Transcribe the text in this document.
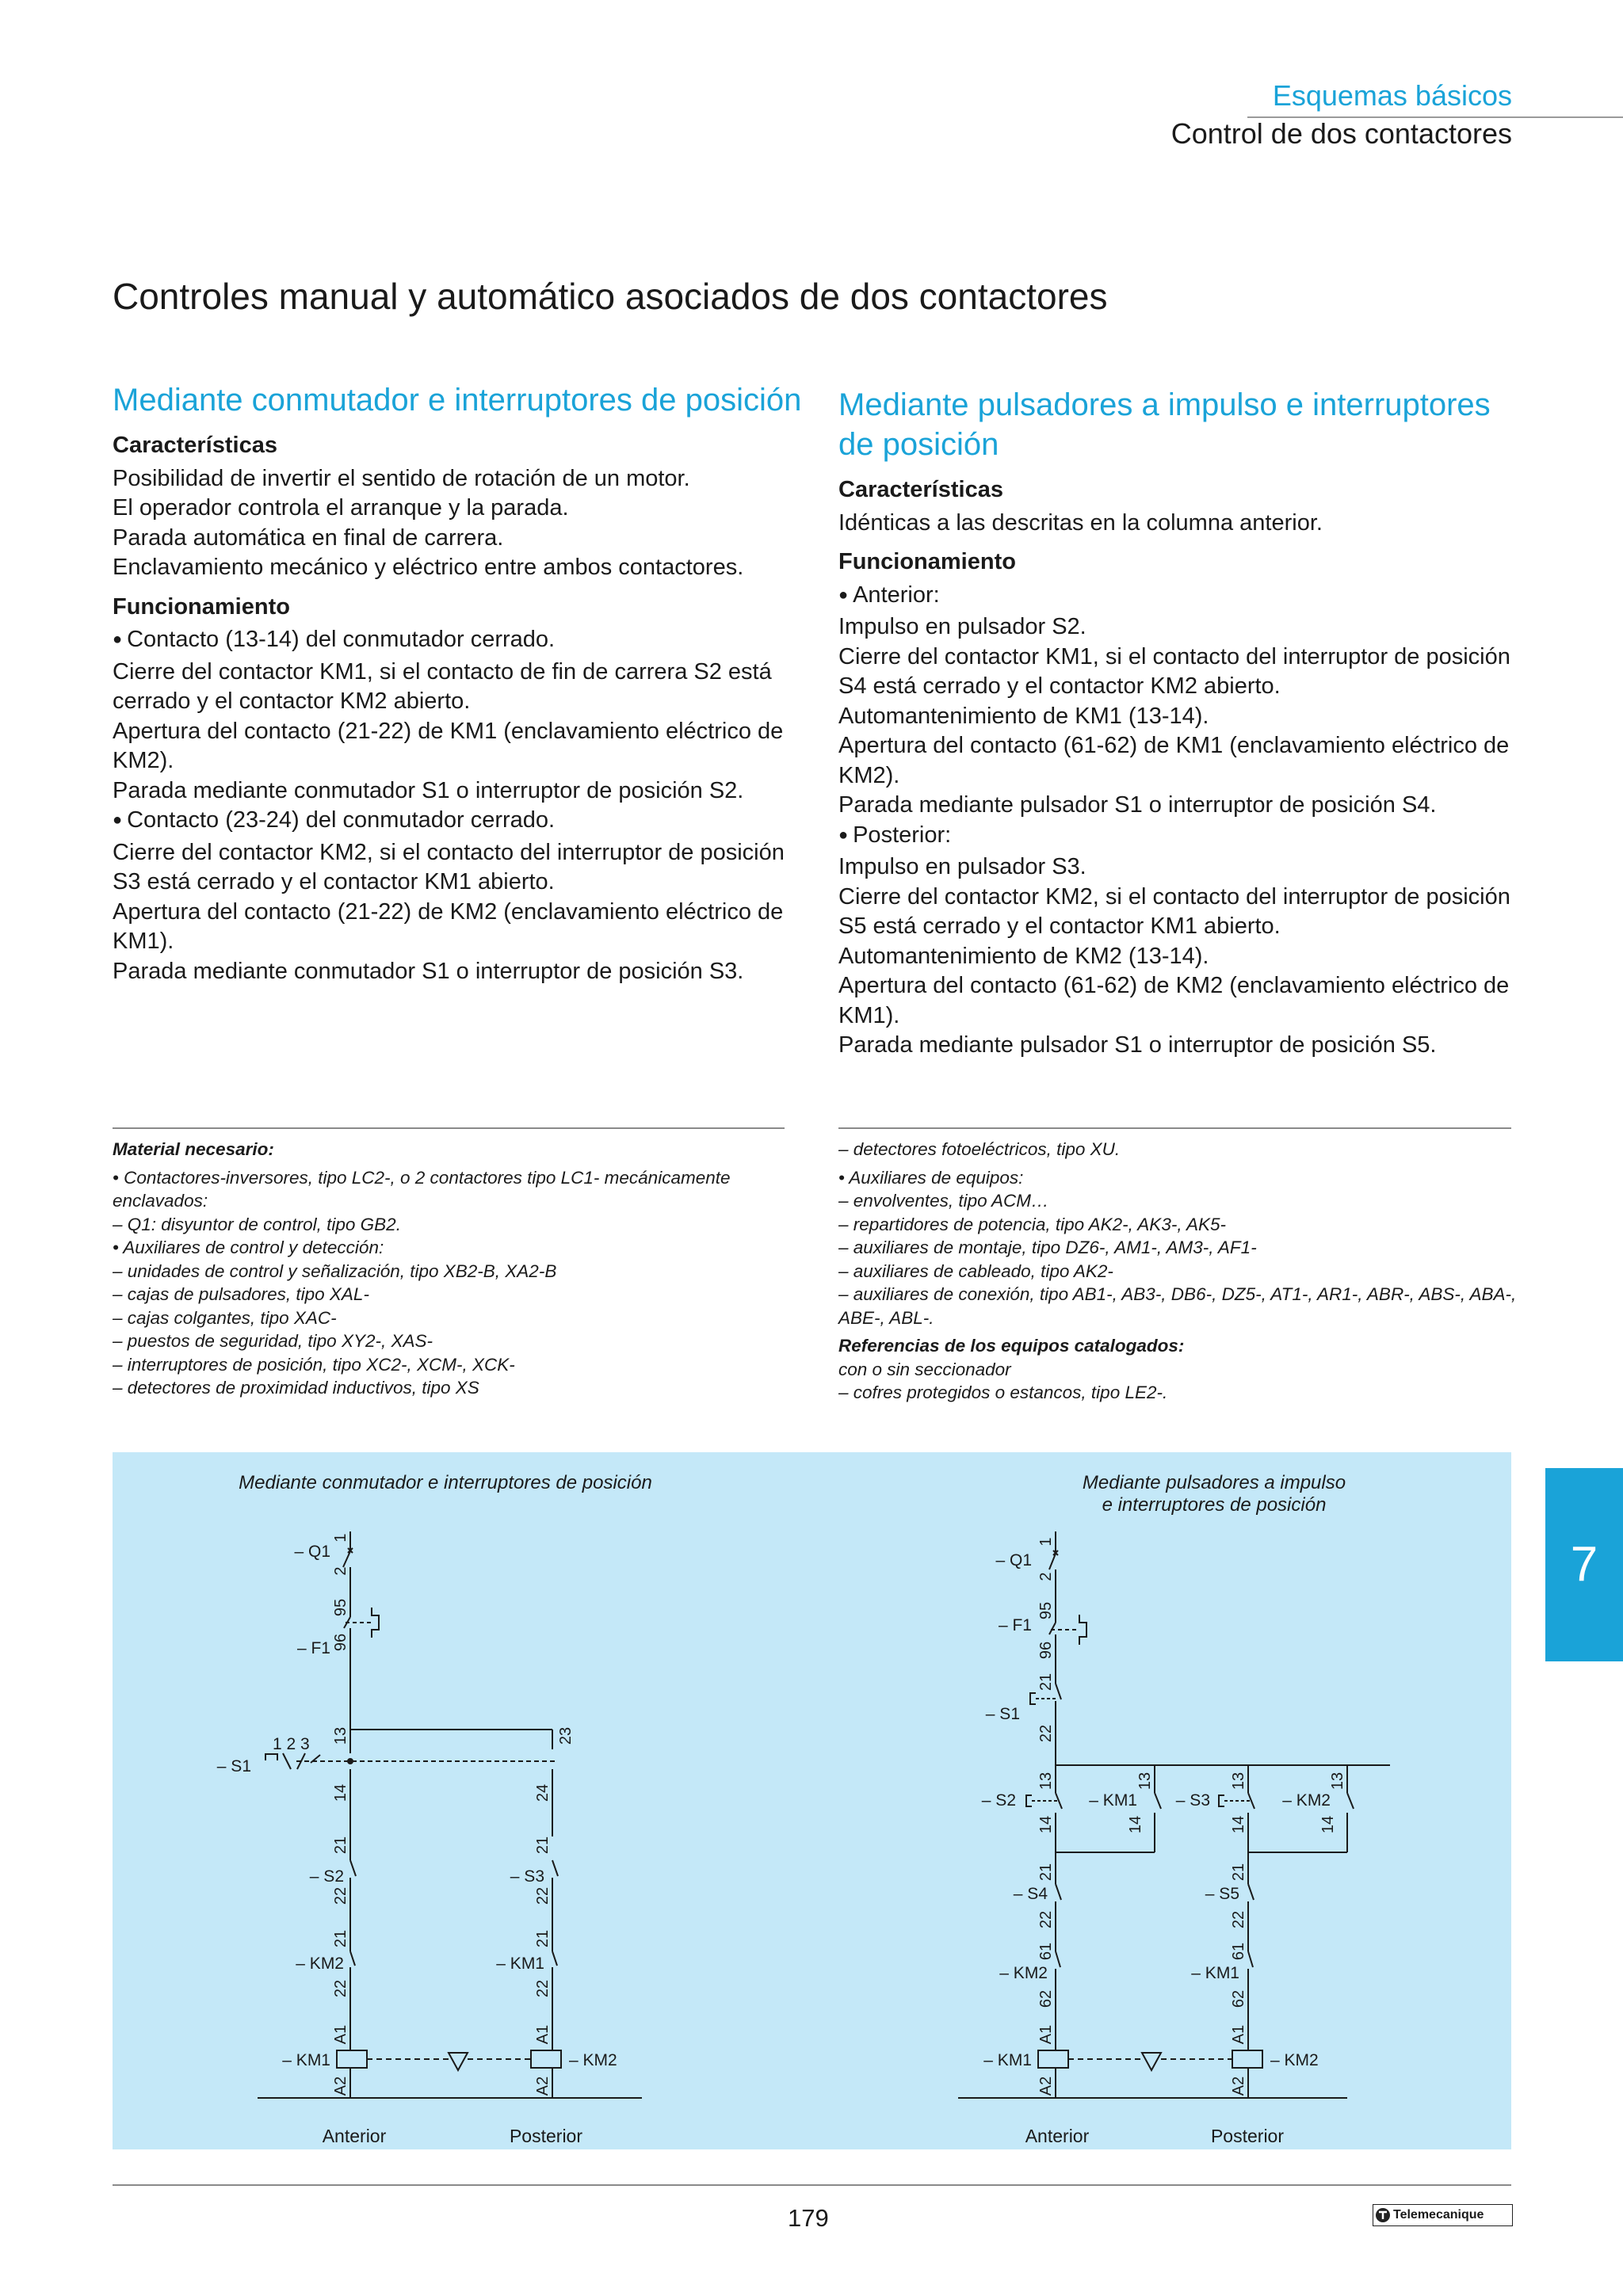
Esquemas básicos
Control de dos contactores
Controles manual y automático asociados de dos contactores
Mediante conmutador e interruptores de posición
Características

Posibilidad de invertir el sentido de rotación de un motor.

El operador controla el arranque y la parada.

Parada automática en final de carrera.

Enclavamiento mecánico y eléctrico entre ambos contactores.

Funcionamiento

● Contacto (13-14) del conmutador cerrado.

Cierre del contactor KM1, si el contacto de fin de carrera S2 está cerrado y el contactor KM2 abierto.

Apertura del contacto (21-22) de KM1 (enclavamiento eléctrico de KM2).

Parada mediante conmutador S1 o interruptor de posición S2.

● Contacto (23-24) del conmutador cerrado.

Cierre del contactor KM2, si el contacto del interruptor de posición S3 está cerrado y el contactor KM1 abierto.

Apertura del contacto (21-22) de KM2 (enclavamiento eléctrico de KM1).

Parada mediante conmutador S1 o interruptor de posición S3.

Mediante pulsadores a impulso e interruptores de posición
Características

Idénticas a las descritas en la columna anterior.

Funcionamiento

● Anterior:

Impulso en pulsador S2.

Cierre del contactor KM1, si el contacto del interruptor de posición S4 está cerrado y el contactor KM2 abierto.

Automantenimiento de KM1 (13-14).

Apertura del contacto (61-62) de KM1 (enclavamiento eléctrico de KM2).

Parada mediante pulsador S1 o interruptor de posición S4.

● Posterior:

Impulso en pulsador S3.

Cierre del contactor KM2, si el contacto del interruptor de posición S5 está cerrado y el contactor KM1 abierto.

Automantenimiento de KM2 (13-14).

Apertura del contacto (61-62) de KM2 (enclavamiento eléctrico de KM1).

Parada mediante pulsador S1 o interruptor de posición S5.

Material necesario:
• Contactores-inversores, tipo LC2-, o 2 contactores tipo LC1- mecánicamente enclavados:
– Q1: disyuntor de control, tipo GB2.
• Auxiliares de control y detección:
– unidades de control y señalización, tipo XB2-B, XA2-B
– cajas de pulsadores, tipo XAL-
– cajas colgantes, tipo XAC-
– puestos de seguridad, tipo XY2-, XAS-
– interruptores de posición, tipo XC2-, XCM-, XCK-
– detectores de proximidad inductivos, tipo XS
– detectores fotoeléctricos, tipo XU.
• Auxiliares de equipos:
– envolventes, tipo ACM…
– repartidores de potencia, tipo AK2-, AK3-, AK5-
– auxiliares de montaje, tipo DZ6-, AM1-, AM3-, AF1-
– auxiliares de cableado, tipo AK2-
– auxiliares de conexión, tipo AB1-, AB3-, DB6-, DZ5-, AT1-, AR1-, ABR-, ABS-, ABA-, ABE-, ABL-.
Referencias de los equipos catalogados:
con o sin seccionador
– cofres protegidos o estancos, tipo LE2-.
Mediante conmutador e interruptores de posición
– Q1
– F1
– S1
1 2 3
– S2	– S3
– KM2	– KM1
– KM1	– KM2
Anterior	Posterior
1
2
95
96
13	23
14	24
21
22
21
22
21
22
21
22
A1
A2
A1
A2
Mediante pulsadores a impulso
e interruptores de posición
– Q1
– F1
– S1
– S2	– KM1 – S3	– KM2
– S4	– S5
– KM2	– KM1
– KM1	– KM2
Anterior	Posterior
1
2
95
96
21
22
13
14
13
14
13
14
13
14
21
22
21
22
61
62
61
62
A1
A2
A1
A2
7
179	Telemecanique
